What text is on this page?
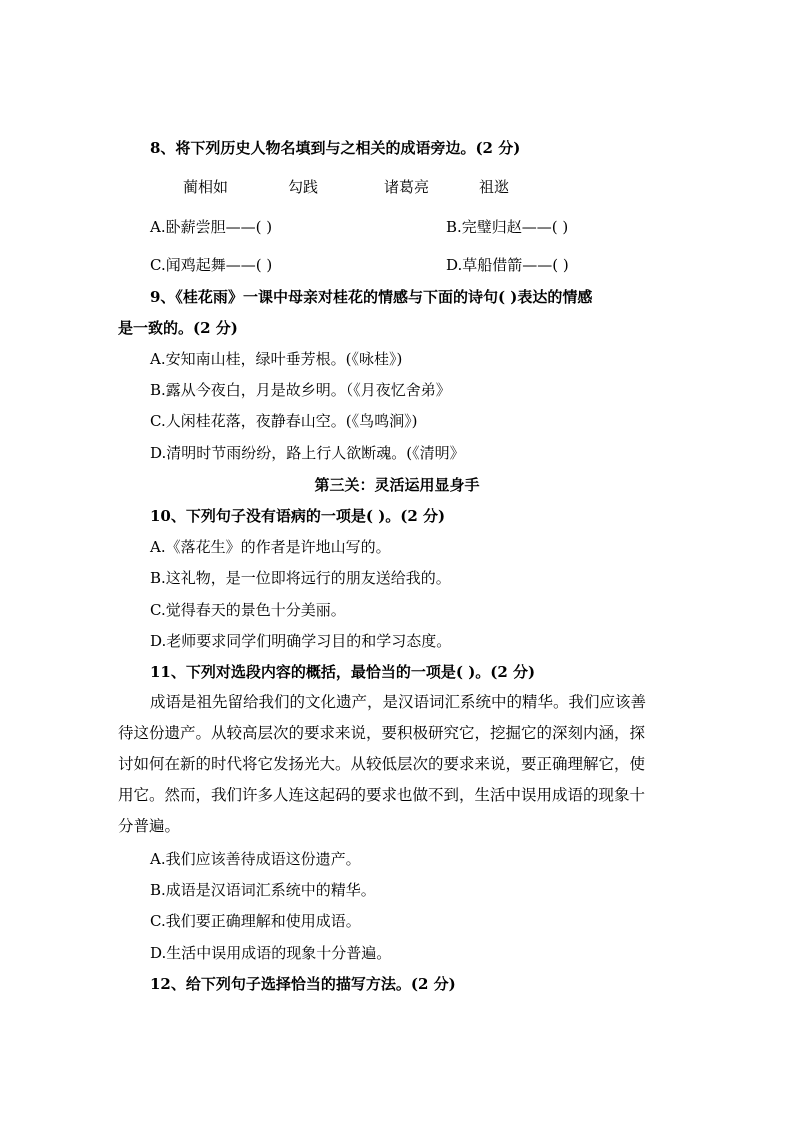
8、将下列历史人物名填到与之相关的成语旁边。(2 分)
蔺相如	勾践	诸葛亮	祖逖
A.卧薪尝胆——( )	B.完璧归赵——( )
C.闻鸡起舞——( )	D.草船借箭——( )
9、《桂花雨》一课中母亲对桂花的情感与下面的诗句( )表达的情感
是一致的。(2 分)
A.安知南山桂，绿叶垂芳根。(《咏桂》)
B.露从今夜白，月是故乡明。（《月夜忆舍弟》
C.人闲桂花落，夜静春山空。(《鸟鸣涧》)
D.清明时节雨纷纷，路上行人欲断魂。(《清明》
第三关：灵活运用显身手
10、下列句子没有语病的一项是( )。(2 分)
A.《落花生》的作者是许地山写的。
B.这礼物，是一位即将远行的朋友送给我的。
C.觉得春天的景色十分美丽。
D.老师要求同学们明确学习目的和学习态度。
11、下列对选段内容的概括，最恰当的一项是( )。(2 分)
成语是祖先留给我们的文化遗产，是汉语词汇系统中的精华。我们应该善
待这份遗产。从较高层次的要求来说，要积极研究它，挖掘它的深刻内涵，探
讨如何在新的时代将它发扬光大。从较低层次的要求来说，要正确理解它，使
用它。然而，我们许多人连这起码的要求也做不到，生活中误用成语的现象十
分普遍。
A.我们应该善待成语这份遗产。
B.成语是汉语词汇系统中的精华。
C.我们要正确理解和使用成语。
D.生活中误用成语的现象十分普遍。
12、给下列句子选择恰当的描写方法。(2 分)
